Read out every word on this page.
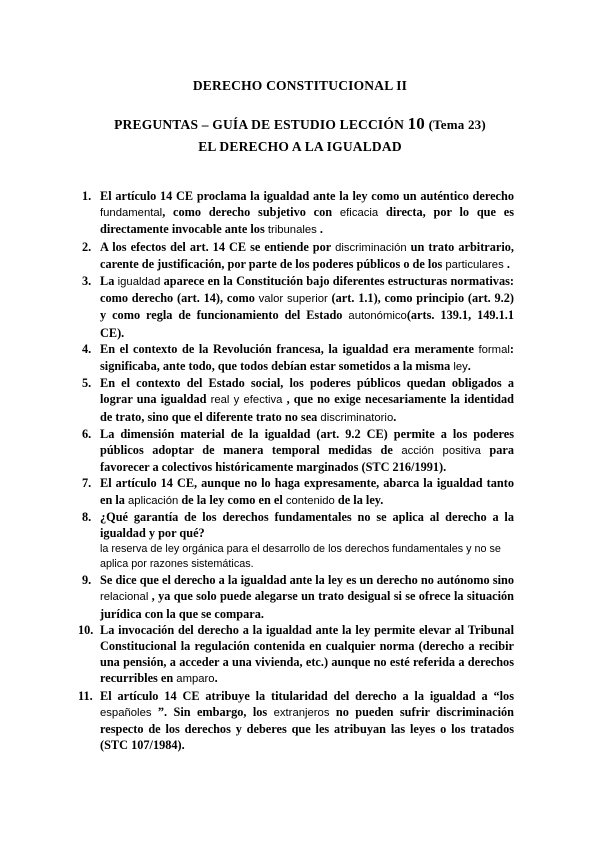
DERECHO CONSTITUCIONAL II
PREGUNTAS – GUÍA DE ESTUDIO LECCIÓN 10 (Tema 23)
EL DERECHO A LA IGUALDAD
1. El artículo 14 CE proclama la igualdad ante la ley como un auténtico derecho fundamental, como derecho subjetivo con eficacia directa, por lo que es directamente invocable ante los tribunales .
2. A los efectos del art. 14 CE se entiende por discriminación un trato arbitrario, carente de justificación, por parte de los poderes públicos o de los particulares .
3. La igualdad aparece en la Constitución bajo diferentes estructuras normativas: como derecho (art. 14), como valor superior (art. 1.1), como principio (art. 9.2) y como regla de funcionamiento del Estado autonómico(arts. 139.1, 149.1.1 CE).
4. En el contexto de la Revolución francesa, la igualdad era meramente formal: significaba, ante todo, que todos debían estar sometidos a la misma ley.
5. En el contexto del Estado social, los poderes públicos quedan obligados a lograr una igualdad real y efectiva , que no exige necesariamente la identidad de trato, sino que el diferente trato no sea discriminatorio.
6. La dimensión material de la igualdad (art. 9.2 CE) permite a los poderes públicos adoptar de manera temporal medidas de acción positiva para favorecer a colectivos históricamente marginados (STC 216/1991).
7. El artículo 14 CE, aunque no lo haga expresamente, abarca la igualdad tanto en la aplicación de la ley como en el contenido de la ley.
8. ¿Qué garantía de los derechos fundamentales no se aplica al derecho a la igualdad y por qué?
la reserva de ley orgánica para el desarrollo de los derechos fundamentales y no se aplica por razones sistemáticas.
9. Se dice que el derecho a la igualdad ante la ley es un derecho no autónomo sino relacional , ya que solo puede alegarse un trato desigual si se ofrece la situación jurídica con la que se compara.
10. La invocación del derecho a la igualdad ante la ley permite elevar al Tribunal Constitucional la regulación contenida en cualquier norma (derecho a recibir una pensión, a acceder a una vivienda, etc.) aunque no esté referida a derechos recurribles en amparo.
11. El artículo 14 CE atribuye la titularidad del derecho a la igualdad a “los españoles ”. Sin embargo, los extranjeros no pueden sufrir discriminación respecto de los derechos y deberes que les atribuyan las leyes o los tratados (STC 107/1984).
